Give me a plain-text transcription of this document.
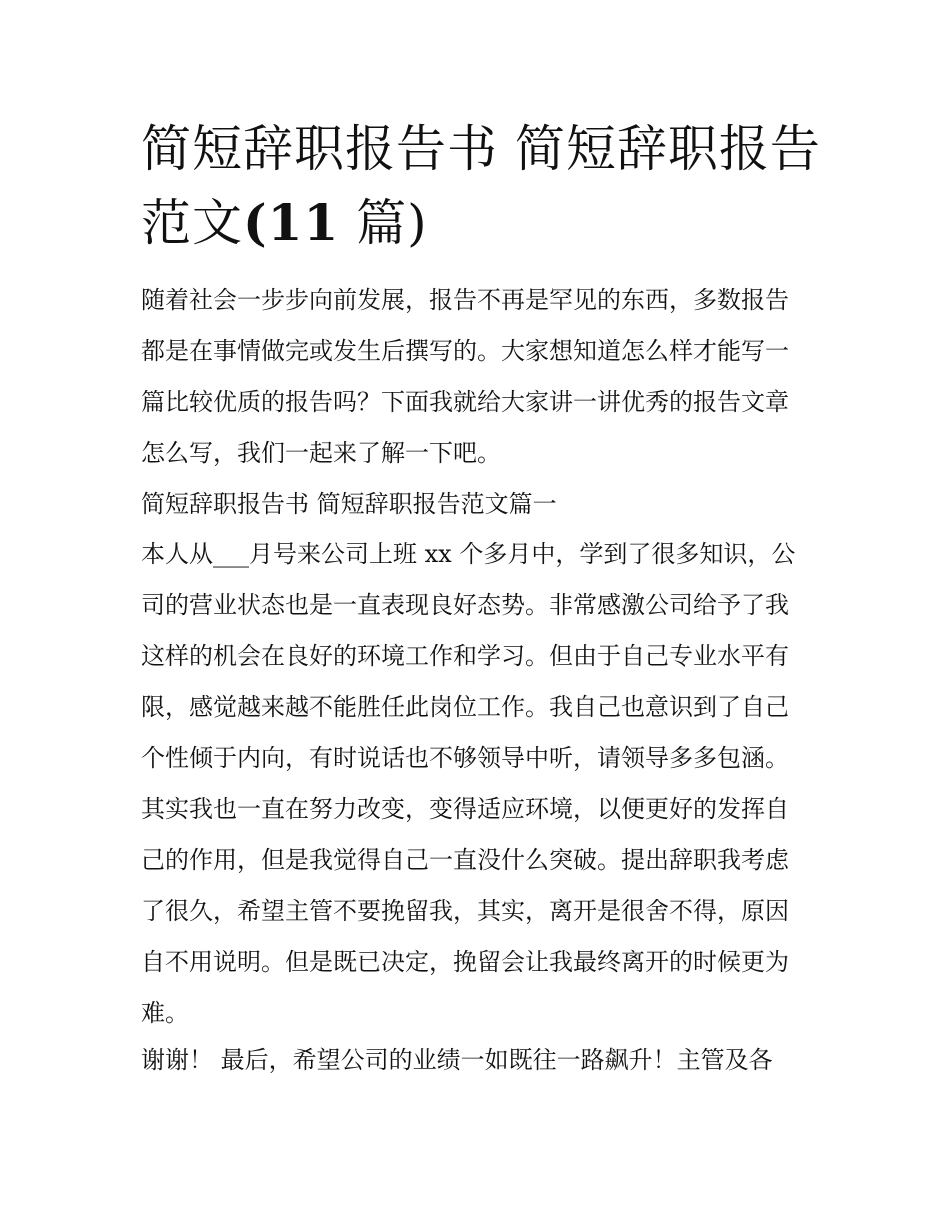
简短辞职报告书 简短辞职报告
范文(11 篇)
随着社会一步步向前发展，报告不再是罕见的东西，多数报告
都是在事情做完或发生后撰写的。大家想知道怎么样才能写一
篇比较优质的报告吗？下面我就给大家讲一讲优秀的报告文章
怎么写，我们一起来了解一下吧。
简短辞职报告书 简短辞职报告范文篇一
本人从___月号来公司上班 xx 个多月中，学到了很多知识，公
司的营业状态也是一直表现良好态势。非常感激公司给予了我
这样的机会在良好的环境工作和学习。但由于自己专业水平有
限，感觉越来越不能胜任此岗位工作。我自己也意识到了自己
个性倾于内向，有时说话也不够领导中听，请领导多多包涵。
其实我也一直在努力改变，变得适应环境，以便更好的发挥自
己的作用，但是我觉得自己一直没什么突破。提出辞职我考虑
了很久，希望主管不要挽留我，其实，离开是很舍不得，原因
自不用说明。但是既已决定，挽留会让我最终离开的时候更为
难。
谢谢！ 最后，希望公司的业绩一如既往一路飙升！主管及各
